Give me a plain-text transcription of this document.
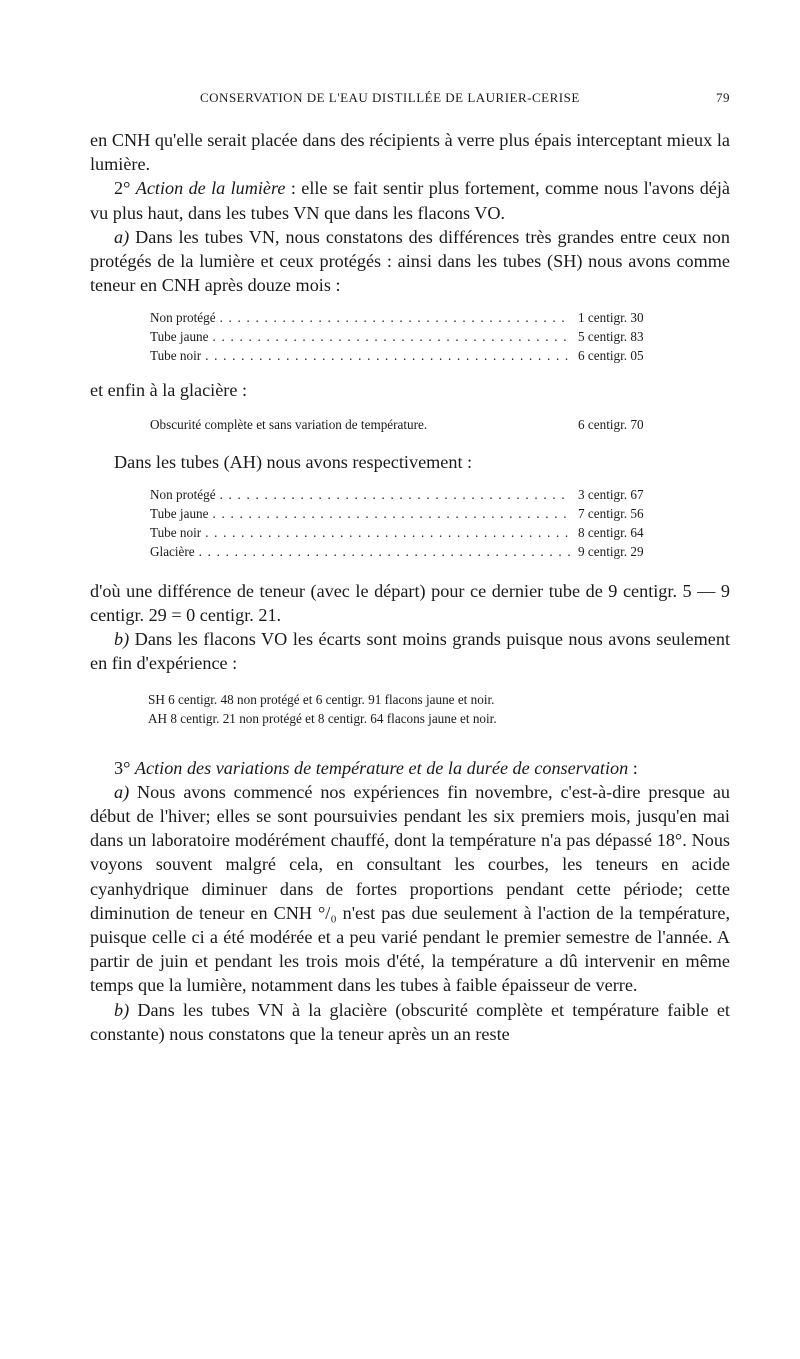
CONSERVATION DE L'EAU DISTILLÉE DE LAURIER-CERISE	79

en CNH qu'elle serait placée dans des récipients à verre plus épais interceptant mieux la lumière.

2° Action de la lumière : elle se fait sentir plus fortement, comme nous l'avons déjà vu plus haut, dans les tubes VN que dans les flacons VO.

a) Dans les tubes VN, nous constatons des différences très grandes entre ceux non protégés de la lumière et ceux protégés : ainsi dans les tubes (SH) nous avons comme teneur en CNH après douze mois :

Non protégé . . .	1 centigr. 30
Tube jaune . . .	5 centigr. 83
Tube noir . . .	6 centigr. 05

et enfin à la glacière :

Obscurité complète et sans variation de température.	6 centigr. 70

Dans les tubes (AH) nous avons respectivement :

Non protégé . . .	3 centigr. 67
Tube jaune . . .	7 centigr. 56
Tube noir . . .	8 centigr. 64
Glacière . . .	9 centigr. 29

d'où une différence de teneur (avec le départ) pour ce dernier tube de 9 centigr. 5 — 9 centigr. 29 = 0 centigr. 21.

b) Dans les flacons VO les écarts sont moins grands puisque nous avons seulement en fin d'expérience :

SH 6 centigr. 48 non protégé et 6 centigr. 91 flacons jaune et noir.
AH 8 centigr. 21 non protégé et 8 centigr. 64 flacons jaune et noir.

3° Action des variations de température et de la durée de conservation :

a) Nous avons commencé nos expériences fin novembre, c'est-à-dire presque au début de l'hiver; elles se sont poursuivies pendant les six premiers mois, jusqu'en mai dans un laboratoire modérément chauffé, dont la température n'a pas dépassé 18°. Nous voyons souvent malgré cela, en consultant les courbes, les teneurs en acide cyanhydrique diminuer dans de fortes proportions pendant cette période; cette diminution de teneur en CNH °/₀ n'est pas due seulement à l'action de la température, puisque celle ci a été modérée et a peu varié pendant le premier semestre de l'année. A partir de juin et pendant les trois mois d'été, la température a dû intervenir en même temps que la lumière, notamment dans les tubes à faible épaisseur de verre.

b) Dans les tubes VN à la glacière (obscurité complète et température faible et constante) nous constatons que la teneur après un an reste
